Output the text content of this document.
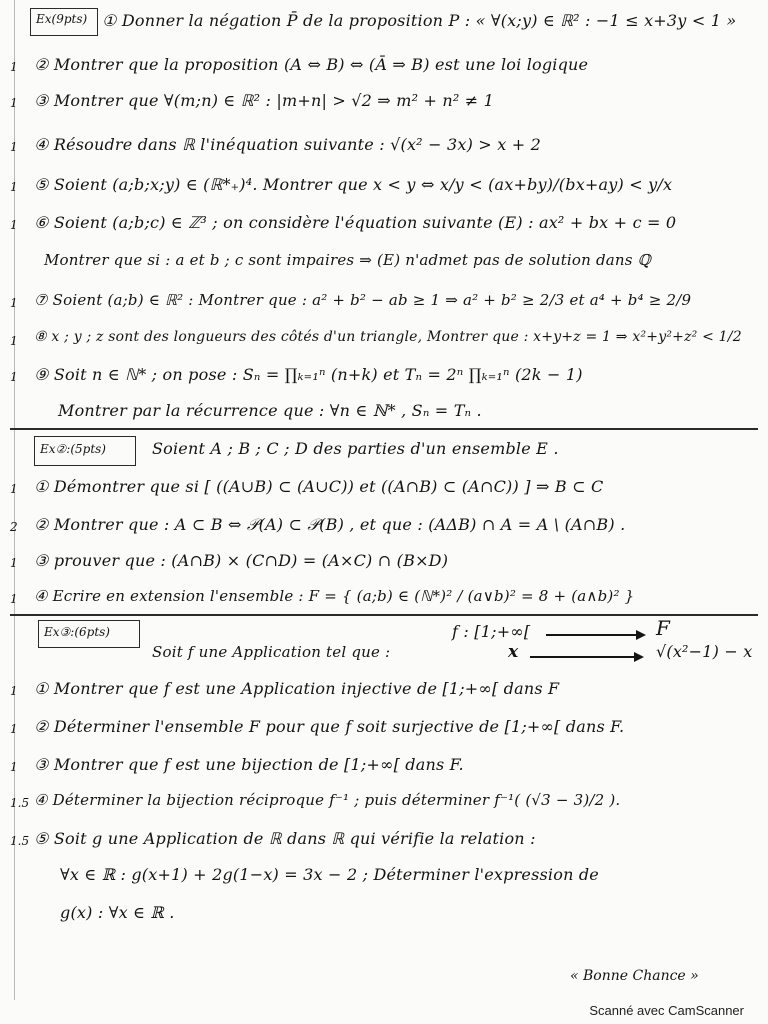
Ex(9pts) ① Donner la négation P̄ de la proposition P : « ∀(x;y) ∈ ℝ² : −1 ≤ x+3y < 1 »
1 ② Montrer que la proposition (A ⇔ B) ⇔ (Ā ⇒ B) est une loi logique
1 ③ Montrer que ∀(m;n) ∈ ℝ² : |m+n| > √2 ⇒ m² + n² ≠ 1
1 ④ Résoudre dans ℝ l'inéquation suivante : √(x² − 3x) > x + 2
1 ⑤ Soient (a;b;x;y) ∈ (ℝ*₊)⁴. Montrer que x < y ⇔ x/y < (ax+by)/(bx+ay) < y/x
1 ⑥ Soient (a;b;c) ∈ ℤ³ ; on considère l'équation suivante (E) : ax² + bx + c = 0
Montrer que si : a et b ; c sont impaires ⇒ (E) n'admet pas de solution dans ℚ
1 ⑦ Soient (a;b) ∈ ℝ² : Montrer que : a² + b² − ab ≥ 1 ⇒ a² + b² ≥ 2/3 et a⁴ + b⁴ ≥ 2/9
1 ⑧ x ; y ; z sont des longueurs des côtés d'un triangle, Montrer que : x+y+z = 1 ⇒ x²+y²+z² < 1/2
1 ⑨ Soit n ∈ ℕ* ; on pose : Sₙ = ∏ₖ₌₁ⁿ (n+k) et Tₙ = 2ⁿ ∏ₖ₌₁ⁿ (2k − 1)
Montrer par la récurrence que : ∀n ∈ ℕ* , Sₙ = Tₙ .
Ex②:(5pts)	Soient A ; B ; C ; D des parties d'un ensemble E .
1 ① Démontrer que si [ ((A∪B) ⊂ (A∪C)) et ((A∩B) ⊂ (A∩C)) ] ⇒ B ⊂ C
2 ② Montrer que : A ⊂ B ⇔ 𝒫(A) ⊂ 𝒫(B) , et que : (AΔB) ∩ A = A \ (A∩B) .
1 ③ prouver que : (A∩B) × (C∩D) = (A×C) ∩ (B×D)
1 ④ Ecrire en extension l'ensemble : F = { (a;b) ∈ (ℕ*)² / (a∨b)² = 8 + (a∧b)² }
Ex③:(6pts)
Soit f une Application tel que :
f : [1;+∞[	F
x	√(x²−1) − x
1 ① Montrer que f est une Application injective de [1;+∞[ dans F
1 ② Déterminer l'ensemble F pour que f soit surjective de [1;+∞[ dans F.
1 ③ Montrer que f est une bijection de [1;+∞[ dans F.
1.5 ④ Déterminer la bijection réciproque f⁻¹ ; puis déterminer f⁻¹( (√3 − 3)/2 ).
1.5 ⑤ Soit g une Application de ℝ dans ℝ qui vérifie la relation :
∀x ∈ ℝ : g(x+1) + 2g(1−x) = 3x − 2 ; Déterminer l'expression de
g(x) : ∀x ∈ ℝ .
« Bonne Chance »
Scanné avec CamScanner
